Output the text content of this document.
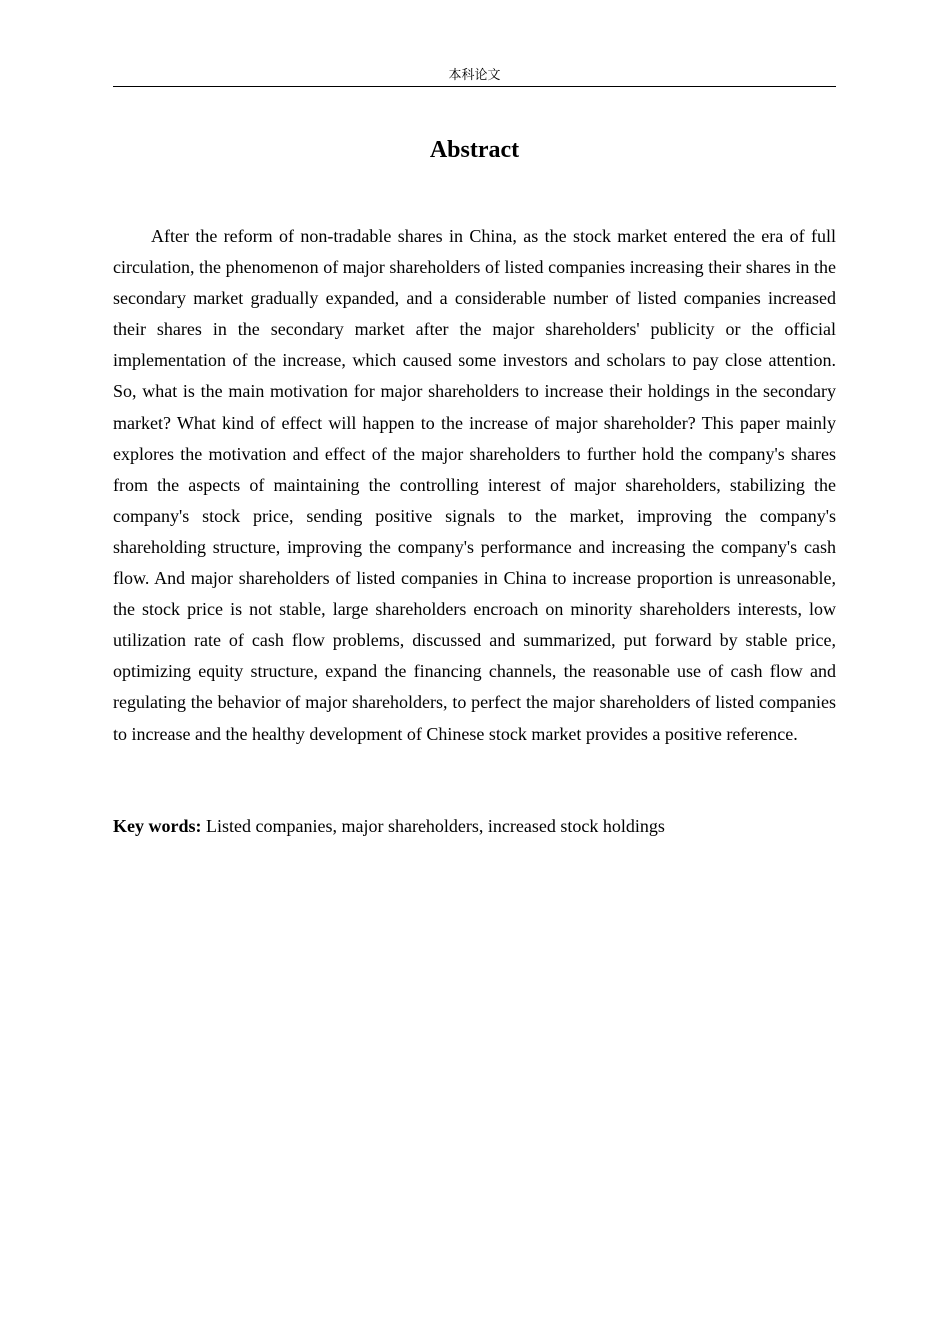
本科论文
Abstract

After the reform of non-tradable shares in China, as the stock market entered the era of full circulation, the phenomenon of major shareholders of listed companies increasing their shares in the secondary market gradually expanded, and a considerable number of listed companies increased their shares in the secondary market after the major shareholders' publicity or the official implementation of the increase, which caused some investors and scholars to pay close attention. So, what is the main motivation for major shareholders to increase their holdings in the secondary market? What kind of effect will happen to the increase of major shareholder? This paper mainly explores the motivation and effect of the major shareholders to further hold the company's shares from the aspects of maintaining the controlling interest of major shareholders, stabilizing the company's stock price, sending positive signals to the market, improving the company's shareholding structure, improving the company's performance and increasing the company's cash flow. And major shareholders of listed companies in China to increase proportion is unreasonable, the stock price is not stable, large shareholders encroach on minority shareholders interests, low utilization rate of cash flow problems, discussed and summarized, put forward by stable price, optimizing equity structure, expand the financing channels, the reasonable use of cash flow and regulating the behavior of major shareholders, to perfect the major shareholders of listed companies to increase and the healthy development of Chinese stock market provides a positive reference.

Key words: Listed companies, major shareholders, increased stock holdings
